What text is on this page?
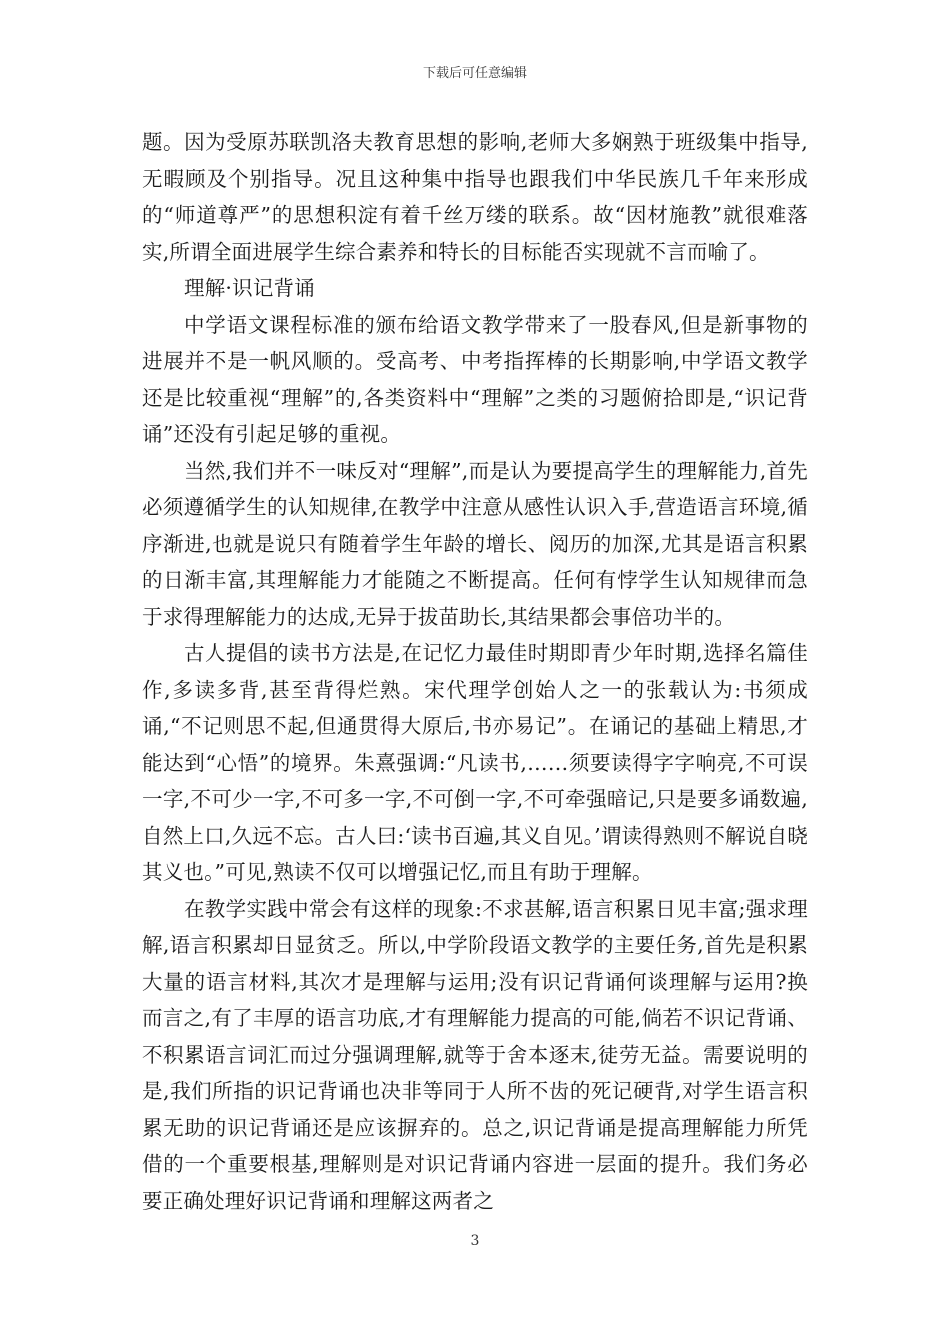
下载后可任意编辑

题。因为受原苏联凯洛夫教育思想的影响,老师大多娴熟于班级集中指导,无暇顾及个别指导。况且这种集中指导也跟我们中华民族几千年来形成的“师道尊严”的思想积淀有着千丝万缕的联系。故“因材施教”就很难落实,所谓全面进展学生综合素养和特长的目标能否实现就不言而喻了。

理解·识记背诵

中学语文课程标准的颁布给语文教学带来了一股春风,但是新事物的进展并不是一帆风顺的。受高考、中考指挥棒的长期影响,中学语文教学还是比较重视“理解”的,各类资料中“理解”之类的习题俯拾即是,“识记背诵”还没有引起足够的重视。

当然,我们并不一味反对“理解”,而是认为要提高学生的理解能力,首先必须遵循学生的认知规律,在教学中注意从感性认识入手,营造语言环境,循序渐进,也就是说只有随着学生年龄的增长、阅历的加深,尤其是语言积累的日渐丰富,其理解能力才能随之不断提高。任何有悖学生认知规律而急于求得理解能力的达成,无异于拔苗助长,其结果都会事倍功半的。

古人提倡的读书方法是,在记忆力最佳时期即青少年时期,选择名篇佳作,多读多背,甚至背得烂熟。宋代理学创始人之一的张载认为:书须成诵,“不记则思不起,但通贯得大原后,书亦易记”。在诵记的基础上精思,才能达到“心悟”的境界。朱熹强调:“凡读书,……须要读得字字响亮,不可误一字,不可少一字,不可多一字,不可倒一字,不可牵强暗记,只是要多诵数遍,自然上口,久远不忘。古人曰:‘读书百遍,其义自见。’谓读得熟则不解说自晓其义也。”可见,熟读不仅可以增强记忆,而且有助于理解。

在教学实践中常会有这样的现象:不求甚解,语言积累日见丰富;强求理解,语言积累却日显贫乏。所以,中学阶段语文教学的主要任务,首先是积累大量的语言材料,其次才是理解与运用;没有识记背诵何谈理解与运用?换而言之,有了丰厚的语言功底,才有理解能力提高的可能,倘若不识记背诵、不积累语言词汇而过分强调理解,就等于舍本逐末,徒劳无益。需要说明的是,我们所指的识记背诵也决非等同于人所不齿的死记硬背,对学生语言积累无助的识记背诵还是应该摒弃的。总之,识记背诵是提高理解能力所凭借的一个重要根基,理解则是对识记背诵内容进一层面的提升。我们务必要正确处理好识记背诵和理解这两者之

3
